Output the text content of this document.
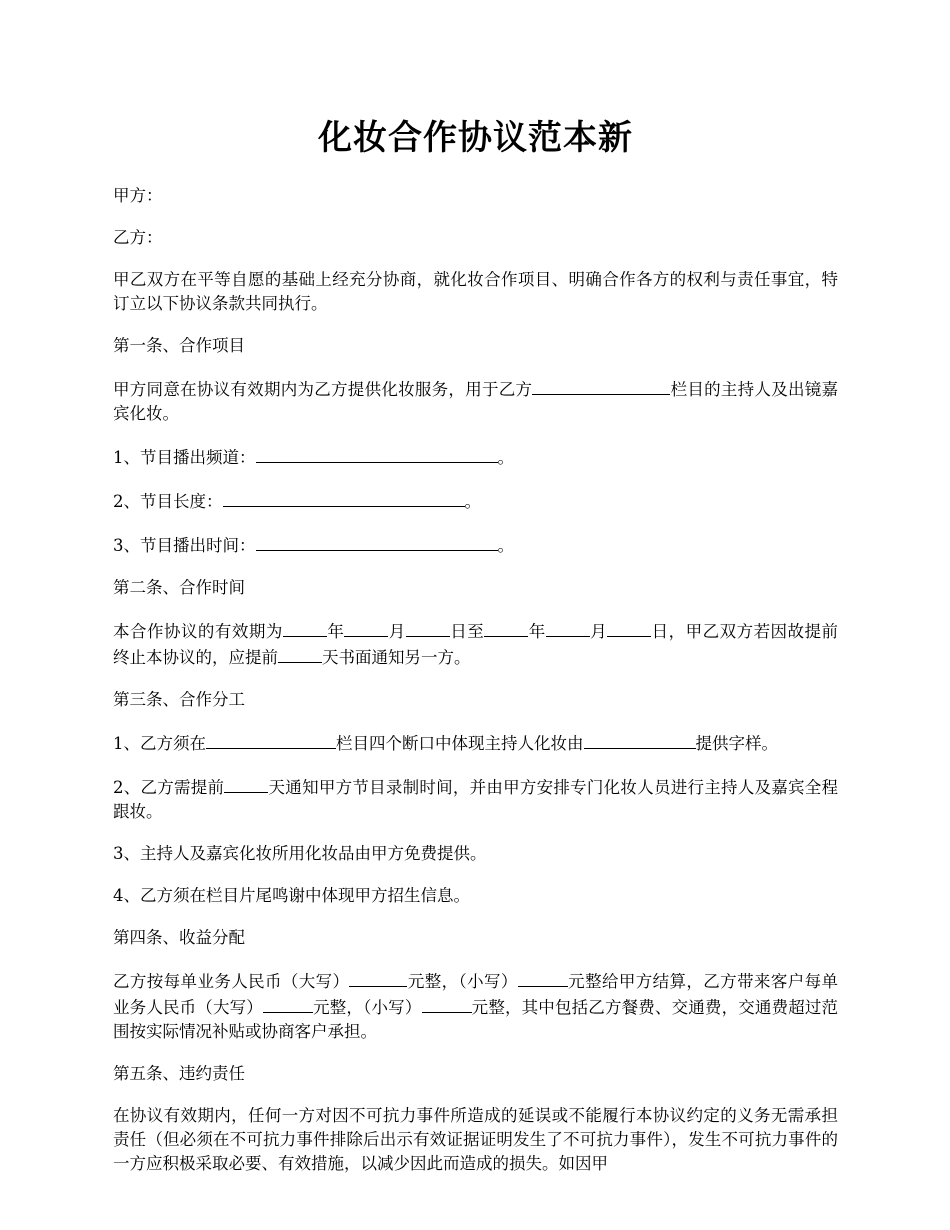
化妆合作协议范本新

甲方：

乙方：

甲乙双方在平等自愿的基础上经充分协商，就化妆合作项目、明确合作各方的权利与责任事宜，特订立以下协议条款共同执行。

第一条、合作项目

甲方同意在协议有效期内为乙方提供化妆服务，用于乙方	栏目的主持人及出镜嘉宾化妆。

1、节目播出频道：	。

2、节目长度：	。

3、节目播出时间：	。

第二条、合作时间

本合作协议的有效期为	年	月	日至	年	月	日，甲乙双方若因故提前终止本协议的，应提前	天书面通知另一方。

第三条、合作分工

1、乙方须在	栏目四个断口中体现主持人化妆由	提供字样。

2、乙方需提前	天通知甲方节目录制时间，并由甲方安排专门化妆人员进行主持人及嘉宾全程跟妆。

3、主持人及嘉宾化妆所用化妆品由甲方免费提供。

4、乙方须在栏目片尾鸣谢中体现甲方招生信息。

第四条、收益分配

乙方按每单业务人民币（大写）	元整，（小写）	元整给甲方结算，乙方带来客户每单业务人民币（大写）	元整，（小写）	元整，其中包括乙方餐费、交通费，交通费超过范围按实际情况补贴或协商客户承担。

第五条、违约责任

在协议有效期内，任何一方对因不可抗力事件所造成的延误或不能履行本协议约定的义务无需承担责任（但必须在不可抗力事件排除后出示有效证据证明发生了不可抗力事件），发生不可抗力事件的一方应积极采取必要、有效措施，以减少因此而造成的损失。如因甲
